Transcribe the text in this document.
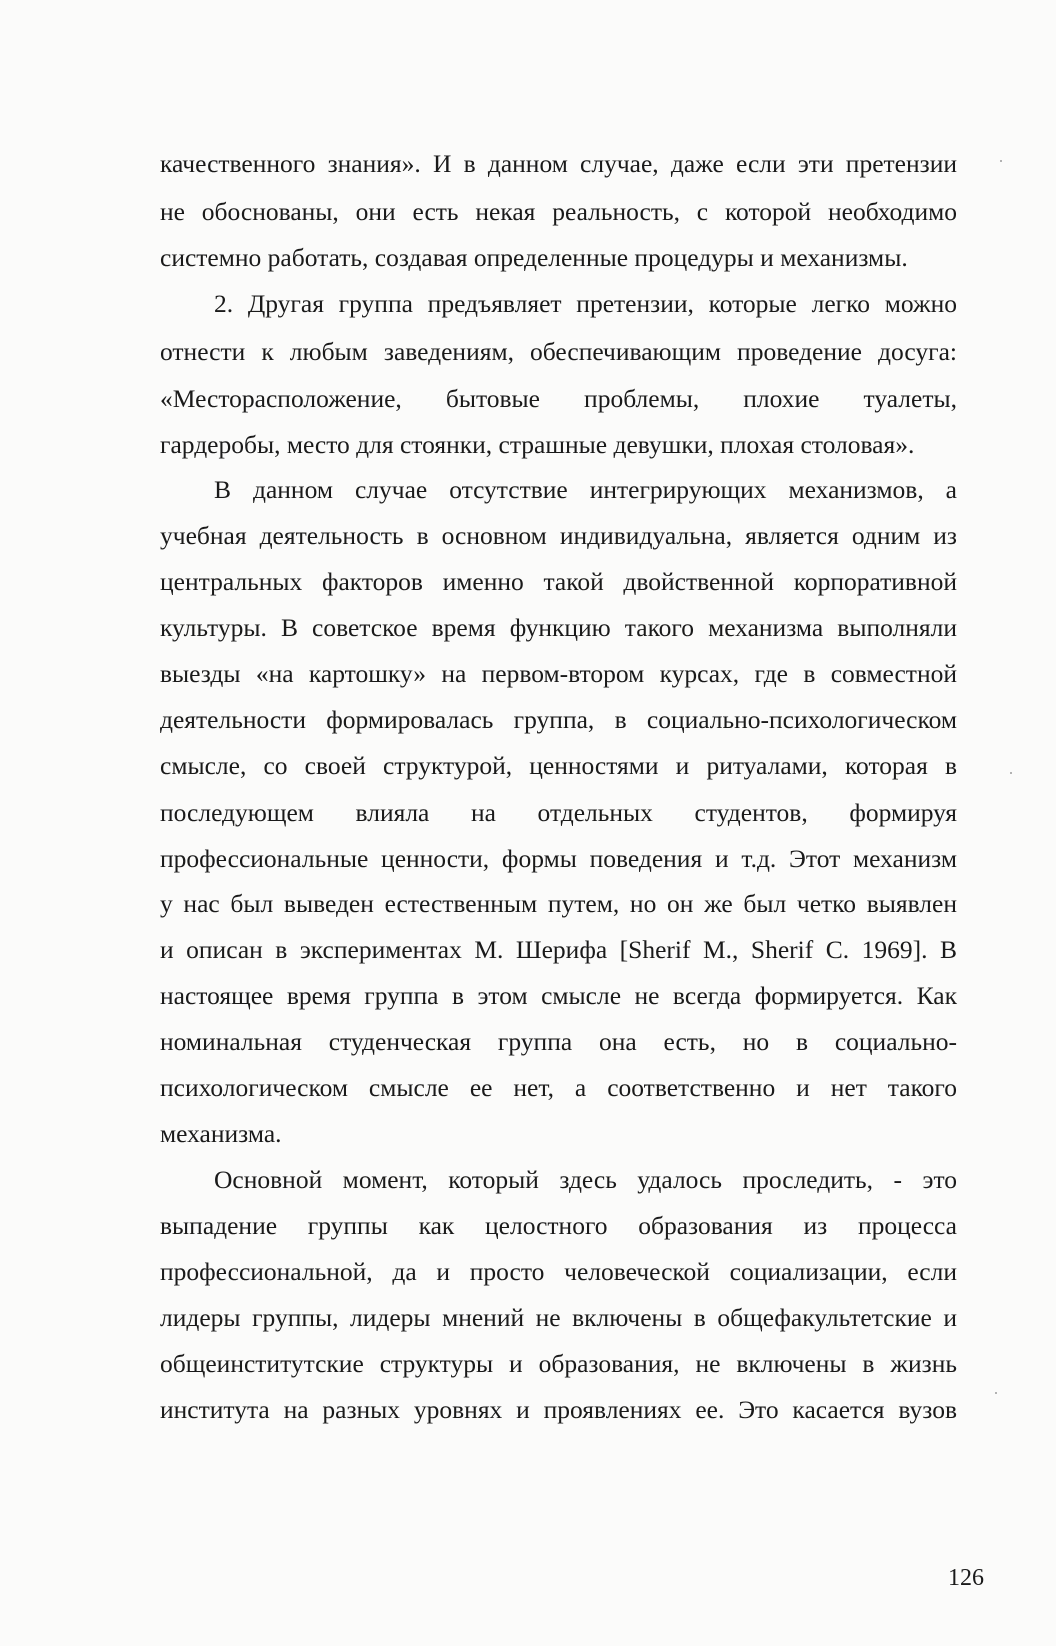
качественного знания». И в данном случае, даже если эти претензии
не обоснованы, они есть некая реальность, с которой необходимо
системно работать, создавая определенные процедуры и механизмы.
2. Другая группа предъявляет претензии, которые легко можно
отнести к любым заведениям, обеспечивающим проведение досуга:
«Месторасположение, бытовые проблемы, плохие туалеты,
гардеробы, место для стоянки, страшные девушки, плохая столовая».
В данном случае отсутствие интегрирующих механизмов, а
учебная деятельность в основном индивидуальна, является одним из
центральных факторов именно такой двойственной корпоративной
культуры. В советское время функцию такого механизма выполняли
выезды «на картошку» на первом-втором курсах, где в совместной
деятельности формировалась группа, в социально-психологическом
смысле, со своей структурой, ценностями и ритуалами, которая в
последующем влияла на отдельных студентов, формируя
профессиональные ценности, формы поведения и т.д. Этот механизм
у нас был выведен естественным путем, но он же был четко выявлен
и описан в экспериментах М. Шерифа [Sherif M., Sherif C. 1969]. В
настоящее время группа в этом смысле не всегда формируется. Как
номинальная студенческая группа она есть, но в социально-
психологическом смысле ее нет, а соответственно и нет такого
механизма.
Основной момент, который здесь удалось проследить, - это
выпадение группы как целостного образования из процесса
профессиональной, да и просто человеческой социализации, если
лидеры группы, лидеры мнений не включены в общефакультетские и
общеинститутские структуры и образования, не включены в жизнь
института на разных уровнях и проявлениях ее. Это касается вузов
126
